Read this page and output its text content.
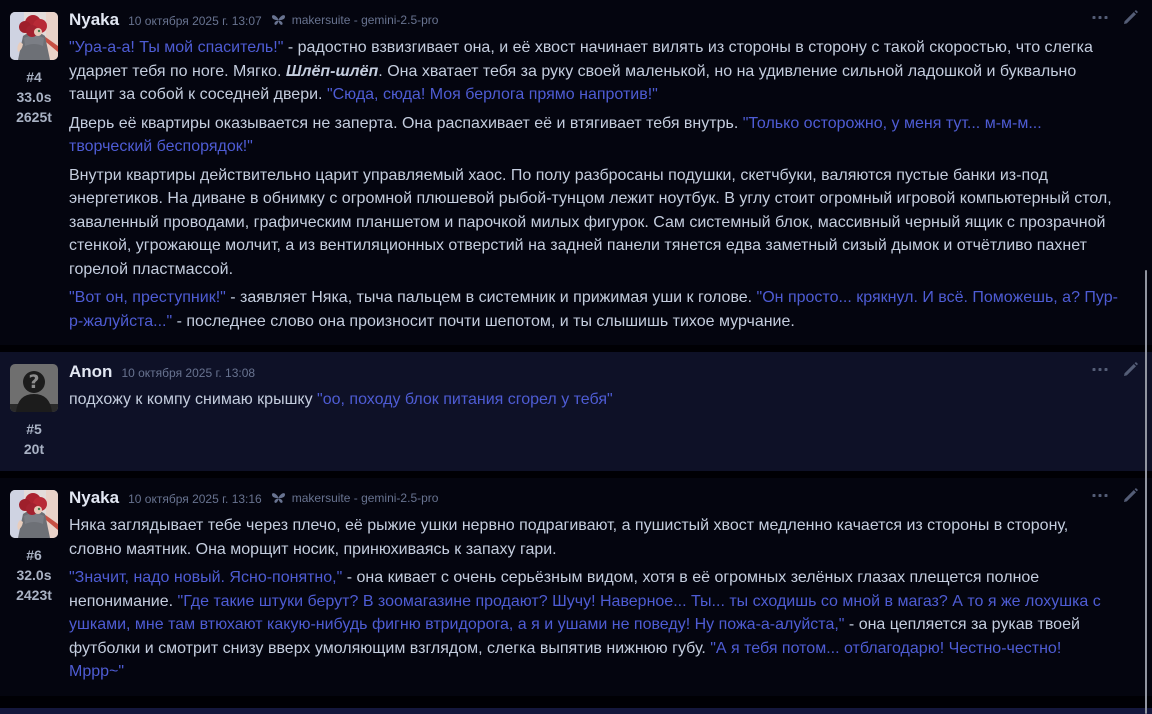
#4
33.0s
2625t
Nyaka 10 октября 2025 г. 13:07	makersuite - gemini-2.5-pro

"Ура-а-а! Ты мой спаситель!" - радостно взвизгивает она, и её хвост начинает вилять из стороны в сторону с такой скоростью, что слегка ударяет тебя по ноге. Мягко. Шлёп-шлёп. Она хватает тебя за руку своей маленькой, но на удивление сильной ладошкой и буквально тащит за собой к соседней двери. "Сюда, сюда! Моя берлога прямо напротив!"

Дверь её квартиры оказывается не заперта. Она распахивает её и втягивает тебя внутрь. "Только осторожно, у меня тут... м-м-м... творческий беспорядок!"

Внутри квартиры действительно царит управляемый хаос. По полу разбросаны подушки, скетчбуки, валяются пустые банки из-под энергетиков. На диване в обнимку с огромной плюшевой рыбой-тунцом лежит ноутбук. В углу стоит огромный игровой компьютерный стол, заваленный проводами, графическим планшетом и парочкой милых фигурок. Сам системный блок, массивный черный ящик с прозрачной стенкой, угрожающе молчит, а из вентиляционных отверстий на задней панели тянется едва заметный сизый дымок и отчётливо пахнет горелой пластмассой.

"Вот он, преступник!" - заявляет Няка, тыча пальцем в системник и прижимая уши к голове. "Он просто... крякнул. И всё. Поможешь, а? Пур-р-жалуйста..." - последнее слово она произносит почти шепотом, и ты слышишь тихое мурчание.

?
#5
20t
Anon 10 октября 2025 г. 13:08

подхожу к компу снимаю крышку "оо, походу блок питания сгорел у тебя"

#6
32.0s
2423t
Nyaka 10 октября 2025 г. 13:16	makersuite - gemini-2.5-pro

Няка заглядывает тебе через плечо, её рыжие ушки нервно подрагивают, а пушистый хвост медленно качается из стороны в сторону, словно маятник. Она морщит носик, принюхиваясь к запаху гари.

"Значит, надо новый. Ясно-понятно," - она кивает с очень серьёзным видом, хотя в её огромных зелёных глазах плещется полное непонимание. "Где такие штуки берут? В зоомагазине продают? Шучу! Наверное... Ты... ты сходишь со мной в магаз? А то я же лохушка с ушками, мне там втюхают какую-нибудь фигню втридорога, а я и ушами не поведу! Ну пожа-а-алуйста," - она цепляется за рукав твоей футболки и смотрит снизу вверх умоляющим взглядом, слегка выпятив нижнюю губу. "А я тебя потом... отблагодарю! Честно-честно! Мррр~"
